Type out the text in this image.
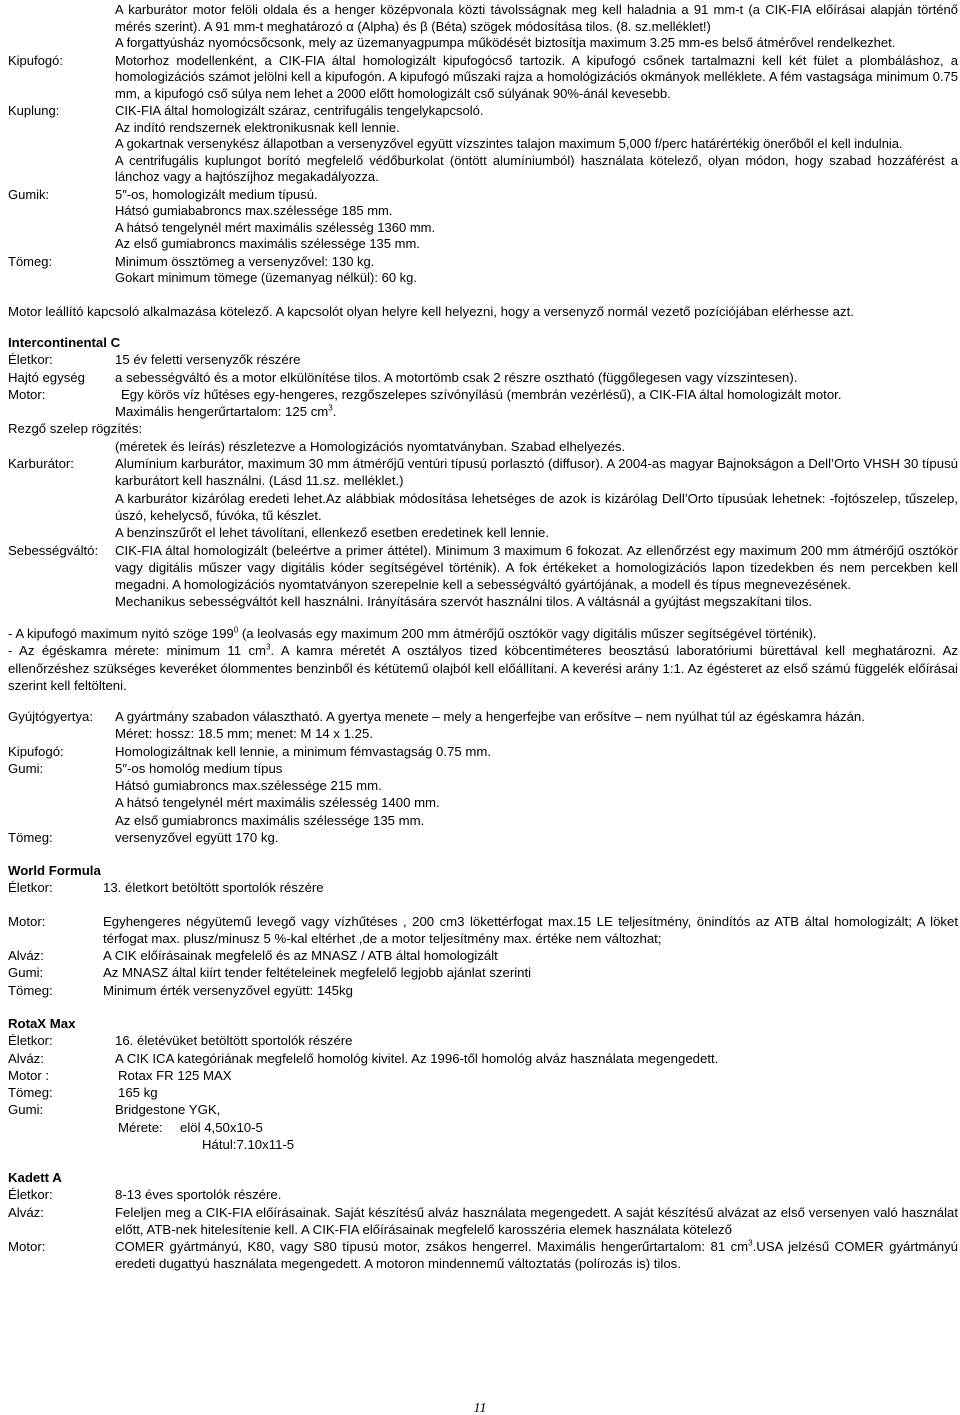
A karburátor motor felöli oldala és a henger középvonala közti távolsságnak meg kell haladnia a 91 mm-t (a CIK-FIA előírásai alapján történő mérés szerint). A 91 mm-t meghatározó α (Alpha) és β (Béta) szögek módosítása tilos. (8. sz.melléklet!)

A forgattyúsház nyomócsőcsonk, mely az üzemanyagpumpa működését biztosítja maximum 3.25 mm-es belső átmérővel rendelkezhet.

Kipufogó:	Motorhoz modellenként, a CIK-FIA által homologizált kipufogócső tartozik. A kipufogó csőnek tartalmazni kell két fület a plombáláshoz, a homologizációs számot jelölni kell a kipufogón. A kipufogó műszaki rajza a homológizációs okmányok melléklete. A fém vastagsága minimum 0.75 mm, a kipufogó cső súlya nem lehet a 2000 előtt homologizált cső súlyának 90%-ánál kevesebb.

Kuplung:	CIK-FIA által homologizált száraz, centrifugális tengelykapcsoló.

Az indító rendszernek elektronikusnak kell lennie.

A gokartnak versenykész állapotban a versenyzővel együtt vízszintes talajon maximum 5,000 f/perc határértékig önerőből el kell indulnia.

A centrifugális kuplungot borító megfelelő védőburkolat (öntött alumíniumból) használata kötelező, olyan módon, hogy szabad hozzáférést a lánchoz vagy a hajtószíjhoz megakadályozza.

Gumik:	5″-os, homologizált medium típusú.

Hátsó gumiababroncs max.szélessége 185 mm.

A hátsó tengelynél mért maximális szélesség 1360 mm.

Az első gumiabroncs maximális szélessége 135 mm.

Tömeg:	Minimum össztömeg a versenyzővel: 130 kg.

Gokart minimum tömege (üzemanyag nélkül): 60 kg.

Motor leállító kapcsoló alkalmazása kötelező. A kapcsolót olyan helyre kell helyezni, hogy a versenyző normál vezető pozíciójában elérhesse azt.

Intercontinental C

Életkor:	15 év feletti versenyzők részére
Hajtó egység	a sebességváltó és a motor elkülönítése tilos. A motortömb csak 2 részre osztható (függőlegesen vagy vízszintesen).
Motor:	Egy körös víz hűtéses egy-hengeres, rezgőszelepes szívónyílású (membrán vezérlésű), a CIK-FIA által homologizált motor.

Maximális hengerűrtartalom: 125 $cm^3$.

Rezgő szelep rögzítés:

(méretek és leírás) részletezve a Homologizációs nyomtatványban. Szabad elhelyezés.
Karburátor:	Alumínium karburátor, maximum 30 mm átmérőjű ventúri típusú porlasztó (diffusor). A 2004-as magyar Bajnokságon a Dell’Orto VHSH 30 típusú karburátort kell használni. (Lásd 11.sz. melléklet.)

A karburátor kizárólag eredeti lehet.Az alábbiak módosítása lehetséges de azok is kizárólag Dell’Orto típusúak lehetnek: -fojtószelep, tűszelep, úszó, kehelycső, fúvóka, tű készlet.

A benzinszűrőt el lehet távolítani, ellenkező esetben eredetinek kell lennie.

Sebességváltó:	CIK-FIA által homologizált (beleértve a primer áttétel). Minimum 3 maximum 6 fokozat. Az ellenőrzést egy maximum 200 mm átmérőjű osztókör vagy digitális műszer vagy digitális kóder segítségével történik). A fok értékeket a homologizációs lapon tizedekben és nem percekben kell megadni. A homologizációs nyomtatványon szerepelnie kell a sebességváltó gyártójának, a modell és típus megnevezésének.

Mechanikus sebességváltót kell használni. Irányítására szervót használni tilos. A váltásnál a gyújtást megszakítani tilos.

- A kipufogó maximum nyitó szöge $199^0$ (a leolvasás egy maximum 200 mm átmérőjű osztókör vagy digitális műszer segítségével történik).

- Az égéskamra mérete: minimum 11 $cm^3$. A kamra méretét A osztályos tized köbcentiméteres beosztású laboratóriumi bürettával kell meghatározni. Az ellenőrzéshez szükséges keveréket ólommentes benzinből és kétütemű olajból kell előállítani. A keverési arány 1:1. Az égésteret az első számú függelék előírásai szerint kell feltölteni.

Gyújtógyertya:	A gyártmány szabadon választható. A gyertya menete – mely a hengerfejbe van erősítve – nem nyúlhat túl az égéskamra házán.

Méret: hossz: 18.5 mm; menet: M 14 x 1.25.

Kipufogó:	Homologizáltnak kell lennie, a minimum fémvastagság 0.75 mm.
Gumi:	5″-os homológ medium típus

Hátsó gumiabroncs max.szélessége 215 mm.

A hátsó tengelynél mért maximális szélesség 1400 mm.

Az első gumiabroncs maximális szélessége 135 mm.

Tömeg:	versenyzővel együtt 170 kg.

World Formula

Életkor:	13. életkort betöltött sportolók részére
Motor:	Egyhengeres négyütemű levegő vagy vízhűtéses , 200 cm3 lökettérfogat max.15 LE teljesítmény, önindítós az ATB által homologizált; A löket térfogat max. plusz/minusz 5 %-kal eltérhet ,de a motor teljesítmény max. értéke nem változhat;
Alváz:	A CIK előírásainak megfelelő és az MNASZ / ATB által homologizált
Gumi:	Az MNASZ által kiírt tender feltételeinek megfelelő legjobb ajánlat szerinti
Tömeg:	Minimum érték versenyzővel együtt: 145kg

RotaX Max

Életkor:	16. életévüket betöltött sportolók részére
Alváz:	A CIK ICA kategóriának megfelelő homológ kivitel. Az 1996-től homológ alváz használata megengedett.
Motor :	Rotax FR 125 MAX
Tömeg:	165 kg
Gumi:	Bridgestone YGK,
Mérete:	elöl 4,50x10-5
Hátul:7.10x11-5

Kadett A

Életkor:	8-13 éves sportolók részére.
Alváz:	Feleljen meg a CIK-FIA előírásainak. Saját készítésű alváz használata megengedett. A saját készítésű alvázat az első versenyen való használat előtt, ATB-nek hitelesítenie kell. A CIK-FIA előírásainak megfelelő karosszéria elemek használata kötelező
Motor:	COMER gyártmányú, K80, vagy S80 típusú motor, zsákos hengerrel. Maximális hengerűrtartalom: 81 $cm^3.USA$ jelzésű COMER gyártmányú eredeti dugattyú használata megengedett. A motoron mindennemű változtatás (polírozás is) tilos.
11
